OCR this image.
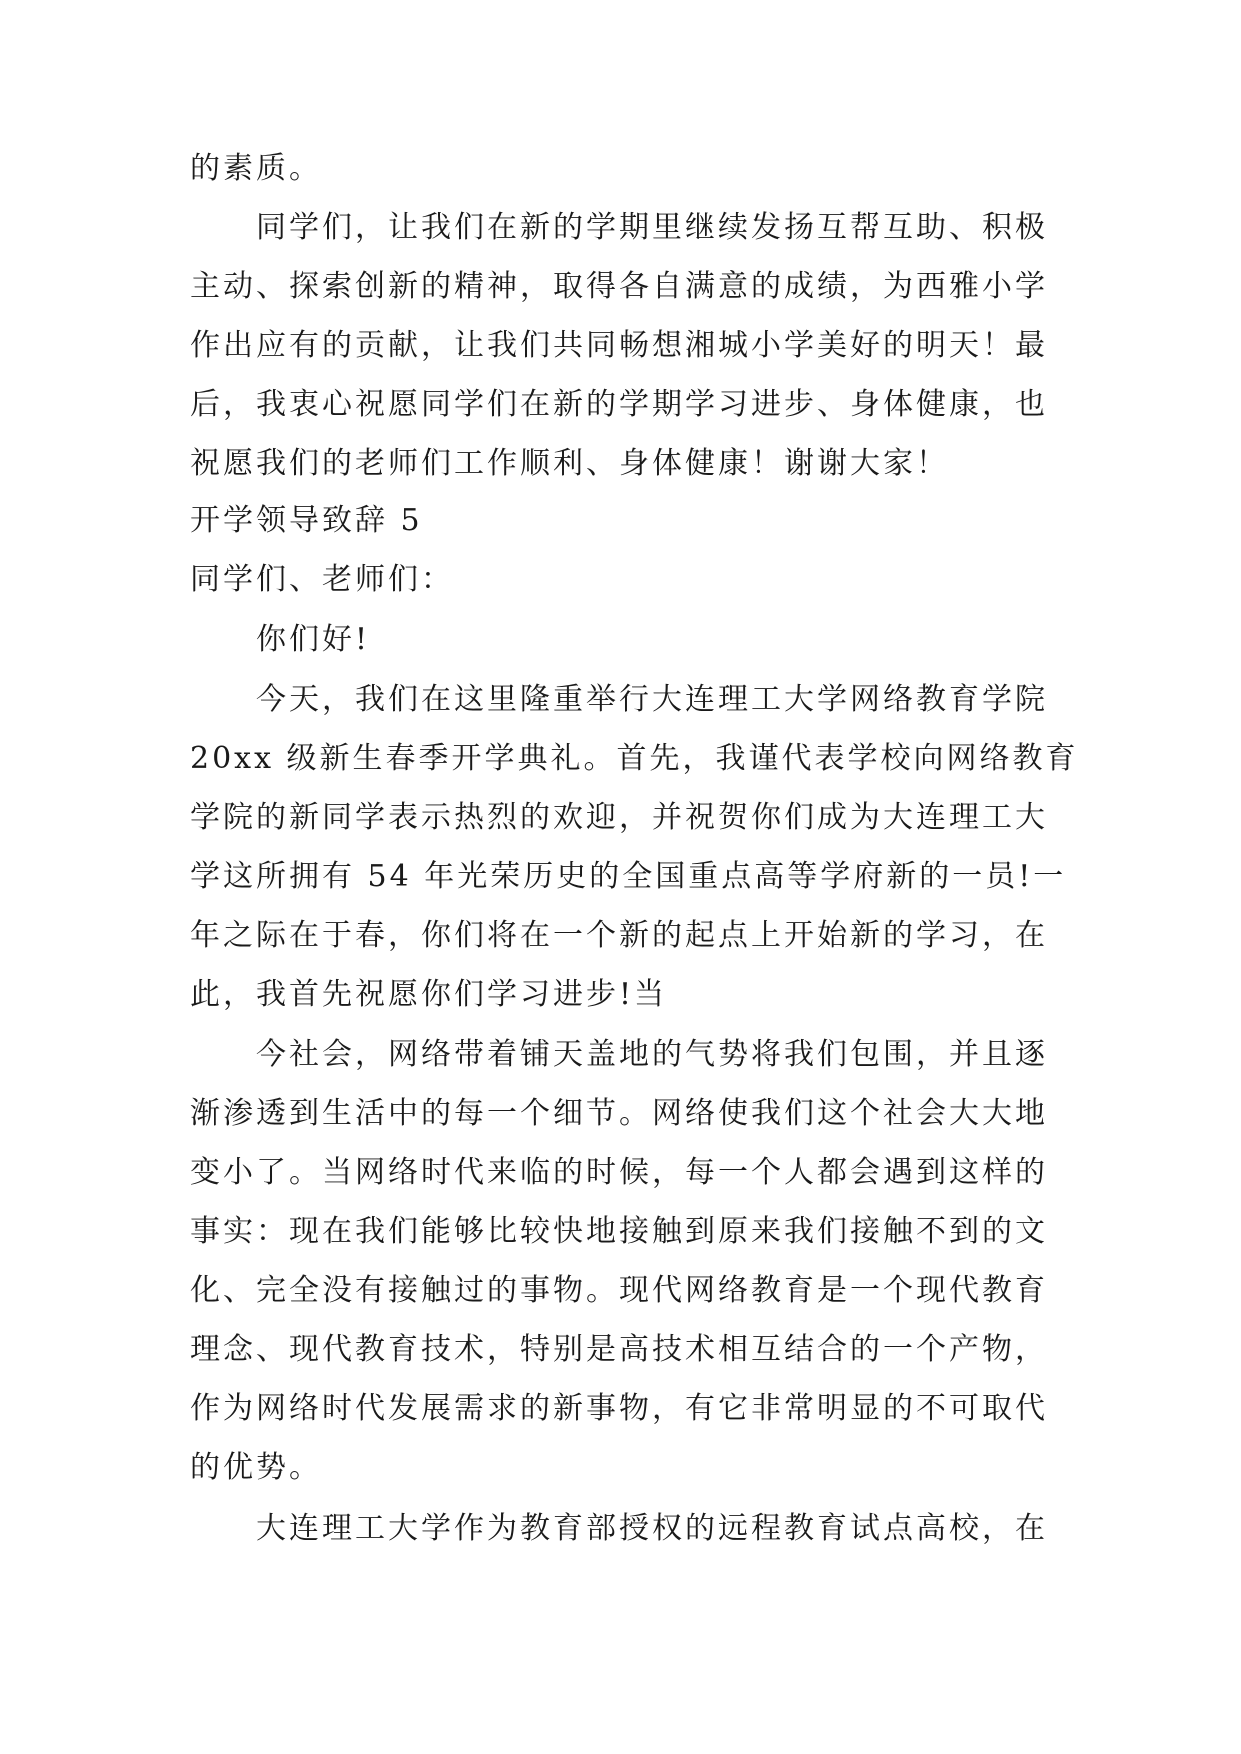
的素质。
同学们，让我们在新的学期里继续发扬互帮互助、积极
主动、探索创新的精神，取得各自满意的成绩，为西雅小学
作出应有的贡献，让我们共同畅想湘城小学美好的明天！最
后，我衷心祝愿同学们在新的学期学习进步、身体健康，也
祝愿我们的老师们工作顺利、身体健康！谢谢大家！
开学领导致辞 5
同学们、老师们：
你们好!
今天，我们在这里隆重举行大连理工大学网络教育学院
20xx 级新生春季开学典礼。首先，我谨代表学校向网络教育
学院的新同学表示热烈的欢迎，并祝贺你们成为大连理工大
学这所拥有 54 年光荣历史的全国重点高等学府新的一员!一
年之际在于春，你们将在一个新的起点上开始新的学习，在
此，我首先祝愿你们学习进步!当
今社会，网络带着铺天盖地的气势将我们包围，并且逐
渐渗透到生活中的每一个细节。网络使我们这个社会大大地
变小了。当网络时代来临的时候，每一个人都会遇到这样的
事实：现在我们能够比较快地接触到原来我们接触不到的文
化、完全没有接触过的事物。现代网络教育是一个现代教育
理念、现代教育技术，特别是高技术相互结合的一个产物，
作为网络时代发展需求的新事物，有它非常明显的不可取代
的优势。
大连理工大学作为教育部授权的远程教育试点高校，在
